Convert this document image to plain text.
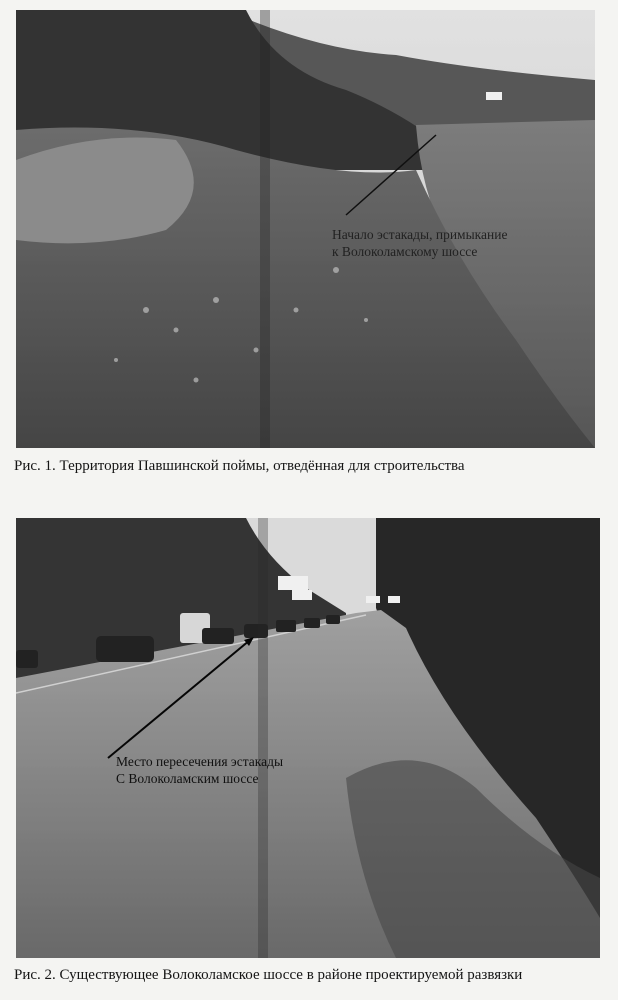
Начало эстакады, примыкание
к Волоколамскому шоссе
Рис. 1. Территория Павшинской поймы, отведённая для строительства
Место пересечения эстакады
С Волоколамским шоссе
Рис. 2. Существующее Волоколамское шоссе в районе проектируемой развязки
